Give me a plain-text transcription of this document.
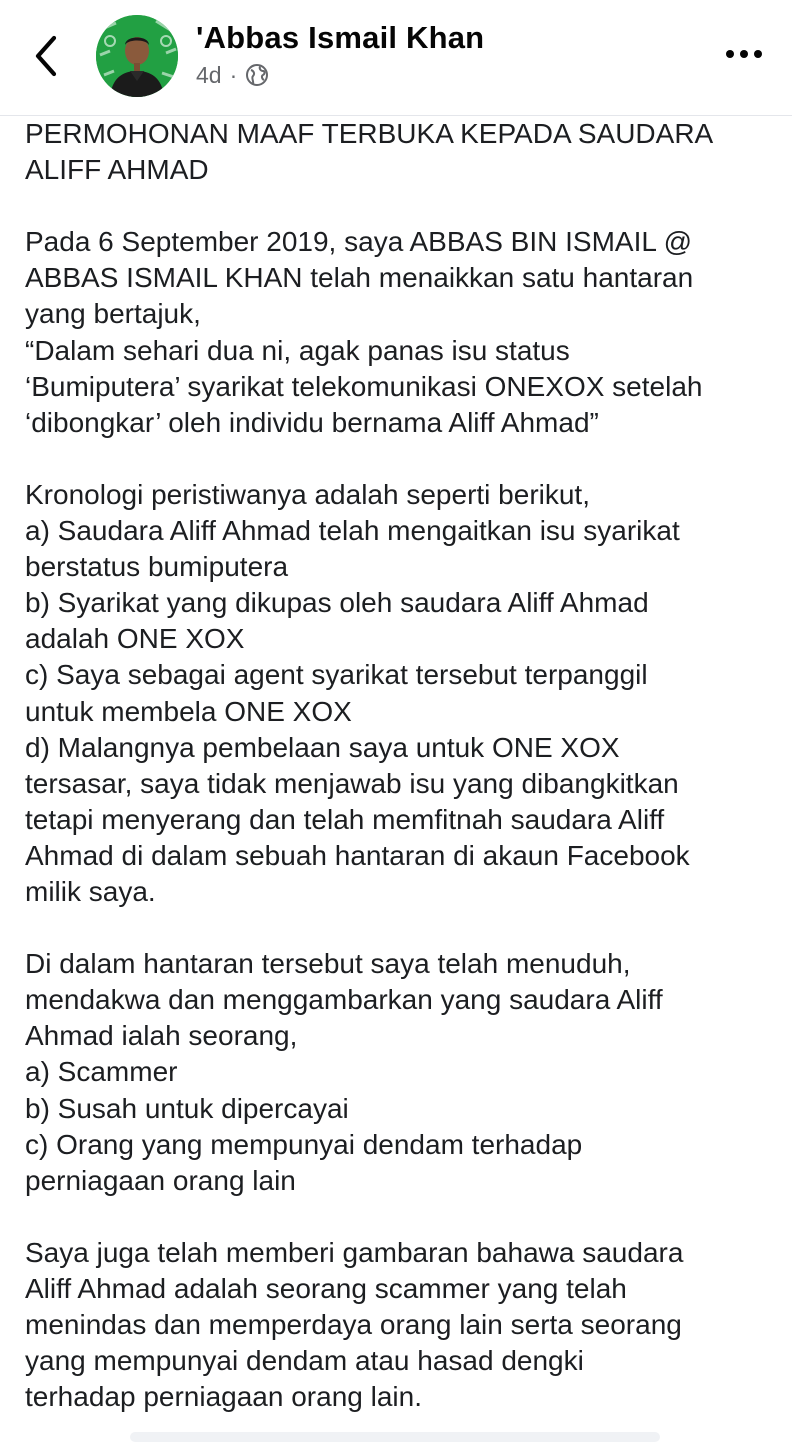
'Abbas Ismail Khan
4d ·
PERMOHONAN MAAF TERBUKA KEPADA SAUDARA
ALIFF AHMAD
Pada 6 September 2019, saya ABBAS BIN ISMAIL @
ABBAS ISMAIL KHAN telah menaikkan satu hantaran
yang bertajuk,
“Dalam sehari dua ni, agak panas isu status
‘Bumiputera’ syarikat telekomunikasi ONEXOX setelah
‘dibongkar’ oleh individu bernama Aliff Ahmad”
Kronologi peristiwanya adalah seperti berikut,
a) Saudara Aliff Ahmad telah mengaitkan isu syarikat
berstatus bumiputera
b) Syarikat yang dikupas oleh saudara Aliff Ahmad
adalah ONE XOX
c) Saya sebagai agent syarikat tersebut terpanggil
untuk membela ONE XOX
d) Malangnya pembelaan saya untuk ONE XOX
tersasar, saya tidak menjawab isu yang dibangkitkan
tetapi menyerang dan telah memfitnah saudara Aliff
Ahmad di dalam sebuah hantaran di akaun Facebook
milik saya.
Di dalam hantaran tersebut saya telah menuduh,
mendakwa dan menggambarkan yang saudara Aliff
Ahmad ialah seorang,
a) Scammer
b) Susah untuk dipercayai
c) Orang yang mempunyai dendam terhadap
perniagaan orang lain
Saya juga telah memberi gambaran bahawa saudara
Aliff Ahmad adalah seorang scammer yang telah
menindas dan memperdaya orang lain serta seorang
yang mempunyai dendam atau hasad dengki
terhadap perniagaan orang lain.
